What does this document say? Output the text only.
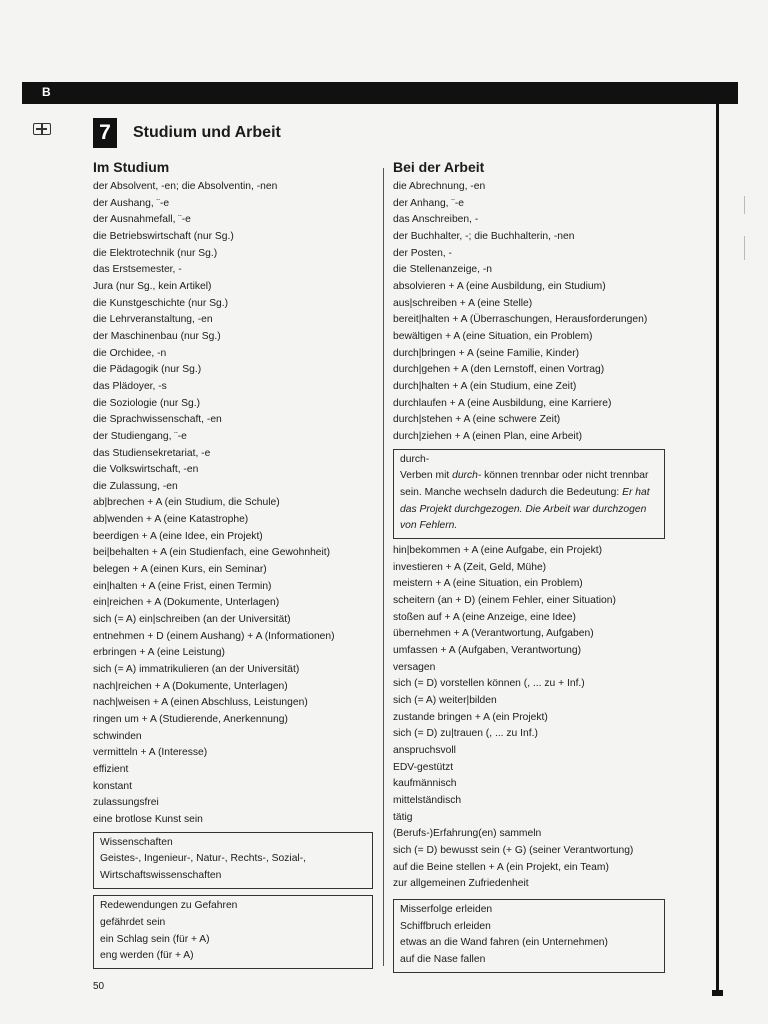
B
7	Studium und Arbeit
Im Studium
der Absolvent, -en; die Absolventin, -nen
der Aushang, ¨-e
der Ausnahmefall, ¨-e
die Betriebswirtschaft (nur Sg.)
die Elektrotechnik (nur Sg.)
das Erstsemester, -
Jura (nur Sg., kein Artikel)
die Kunstgeschichte (nur Sg.)
die Lehrveranstaltung, -en
der Maschinenbau (nur Sg.)
die Orchidee, -n
die Pädagogik (nur Sg.)
das Plädoyer, -s
die Soziologie (nur Sg.)
die Sprachwissenschaft, -en
der Studiengang, ¨-e
das Studiensekretariat, -e
die Volkswirtschaft, -en
die Zulassung, -en
ab|brechen + A (ein Studium, die Schule)
ab|wenden + A (eine Katastrophe)
beerdigen + A (eine Idee, ein Projekt)
bei|behalten + A (ein Studienfach, eine Gewohnheit)
belegen + A (einen Kurs, ein Seminar)
ein|halten + A (eine Frist, einen Termin)
ein|reichen + A (Dokumente, Unterlagen)
sich (= A) ein|schreiben (an der Universität)
entnehmen + D (einem Aushang) + A (Informationen)
erbringen + A (eine Leistung)
sich (= A) immatrikulieren (an der Universität)
nach|reichen + A (Dokumente, Unterlagen)
nach|weisen + A (einen Abschluss, Leistungen)
ringen um + A (Studierende, Anerkennung)
schwinden
vermitteln + A (Interesse)
effizient
konstant
zulassungsfrei
eine brotlose Kunst sein
Wissenschaften
Geistes-, Ingenieur-, Natur-, Rechts-, Sozial-,
Wirtschaftswissenschaften
Redewendungen zu Gefahren
gefährdet sein
ein Schlag sein (für + A)
eng werden (für + A)
Bei der Arbeit
die Abrechnung, -en
der Anhang, ¨-e
das Anschreiben, -
der Buchhalter, -; die Buchhalterin, -nen
der Posten, -
die Stellenanzeige, -n
absolvieren + A (eine Ausbildung, ein Studium)
aus|schreiben + A (eine Stelle)
bereit|halten + A (Überraschungen, Herausforderungen)
bewältigen + A (eine Situation, ein Problem)
durch|bringen + A (seine Familie, Kinder)
durch|gehen + A (den Lernstoff, einen Vortrag)
durch|halten + A (ein Studium, eine Zeit)
durchlaufen + A (eine Ausbildung, eine Karriere)
durch|stehen + A (eine schwere Zeit)
durch|ziehen + A (einen Plan, eine Arbeit)
durch-
Verben mit durch- können trennbar oder nicht trennbar sein. Manche wechseln dadurch die Bedeutung: Er hat das Projekt durchgezogen. Die Arbeit war durchzogen von Fehlern.
hin|bekommen + A (eine Aufgabe, ein Projekt)
investieren + A (Zeit, Geld, Mühe)
meistern + A (eine Situation, ein Problem)
scheitern (an + D) (einem Fehler, einer Situation)
stoßen auf + A (eine Anzeige, eine Idee)
übernehmen + A (Verantwortung, Aufgaben)
umfassen + A (Aufgaben, Verantwortung)
versagen
sich (= D) vorstellen können (, ... zu + Inf.)
sich (= A) weiter|bilden
zustande bringen + A (ein Projekt)
sich (= D) zu|trauen (, ... zu Inf.)
anspruchsvoll
EDV-gestützt
kaufmännisch
mittelständisch
tätig
(Berufs-)Erfahrung(en) sammeln
sich (= D) bewusst sein (+ G) (seiner Verantwortung)
auf die Beine stellen + A (ein Projekt, ein Team)
zur allgemeinen Zufriedenheit
Misserfolge erleiden
Schiffbruch erleiden
etwas an die Wand fahren (ein Unternehmen)
auf die Nase fallen
50
